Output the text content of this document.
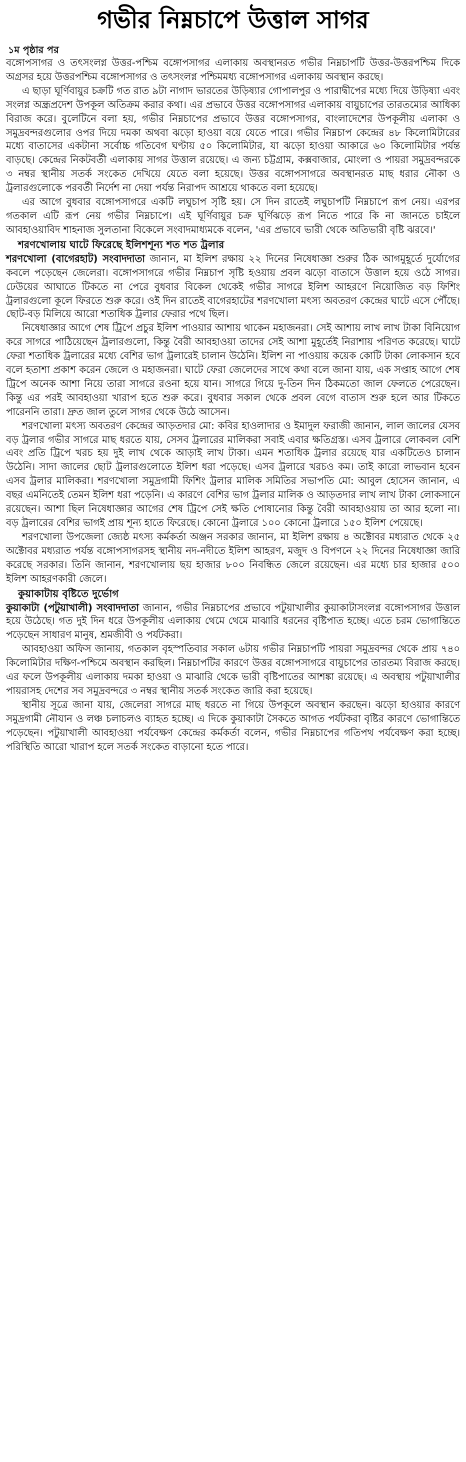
গভীর নিম্নচাপে উত্তাল সাগর
১ম পৃষ্ঠার পর

বঙ্গোপসাগর ও তৎসংলগ্ন উত্তর-পশ্চিম বঙ্গোপসাগর এলাকায় অবস্থানরত গভীর নিম্নচাপটি উত্তর-উত্তরপশ্চিম দিকে অগ্রসর হয়ে উত্তরপশ্চিম বঙ্গোপসাগর ও তৎসংলগ্ন পশ্চিমমধ্য বঙ্গোপসাগর এলাকায় অবস্থান করছে।

এ ছাড়া ঘূর্ণিবায়ুর চক্রটি গত রাত ৯টা নাগাদ ভারতের উড়িষ্যার গোপালপুর ও পারাদ্বীপের মধ্যে দিয়ে উড়িষ্যা এবং সংলগ্ন অন্ধ্রপ্রদেশ উপকূল অতিক্রম করার কথা। এর প্রভাবে উত্তর বঙ্গোপসাগর এলাকায় বায়ুচাপের তারতম্যের আধিক্য বিরাজ করে। বুলেটিনে বলা হয়, গভীর নিম্নচাপের প্রভাবে উত্তর বঙ্গোপসাগর, বাংলাদেশের উপকূলীয় এলাকা ও সমুদ্রবন্দরগুলোর ওপর দিয়ে দমকা অথবা ঝড়ো হাওয়া বয়ে যেতে পারে। গভীর নিম্নচাপ কেন্দ্রের ৪৮ কিলোমিটারের মধ্যে বাতাসের একটানা সর্বোচ্চ গতিবেগ ঘণ্টায় ৫০ কিলোমিটার, যা ঝড়ো হাওয়া আকারে ৬০ কিলোমিটার পর্যন্ত বাড়ছে। কেন্দ্রের নিকটবর্তী এলাকায় সাগর উত্তাল রয়েছে। এ জন্য চট্টগ্রাম, কক্সবাজার, মোংলা ও পায়রা সমুদ্রবন্দরকে ৩ নম্বর স্থানীয় সতর্ক সংকেত দেখিয়ে যেতে বলা হয়েছে। উত্তর বঙ্গোপসাগরে অবস্থানরত মাছ ধরার নৌকা ও ট্রলারগুলোকে পরবর্তী নির্দেশ না দেয়া পর্যন্ত নিরাপদ আশ্রয়ে থাকতে বলা হয়েছে।

এর আগে বুধবার বঙ্গোপসাগরে একটি লঘুচাপ সৃষ্টি হয়। সে দিন রাতেই লঘুচাপটি নিম্নচাপে রূপ নেয়। এরপর গতকাল এটি রূপ নেয় গভীর নিম্নচাপে। এই ঘূর্ণিবায়ুর চক্র ঘূর্ণিঝড়ে রূপ নিতে পারে কি না জানতে চাইলে আবহাওয়াবিদ শাহনাজ সুলতানা বিকেলে সংবাদমাধ্যমকে বলেন, 'এর প্রভাবে ভারী থেকে অতিভারী বৃষ্টি ঝরবে।'

শরণখোলায় ঘাটে ফিরেছে ইলিশশূন্য শত শত ট্রলার

শরণখোলা (বাগেরহাট) সংবাদদাতা জানান, মা ইলিশ রক্ষায় ২২ দিনের নিষেধাজ্ঞা শুরুর ঠিক আগমুহূর্তে দুর্যোগের কবলে পড়েছেন জেলেরা। বঙ্গোপসাগরে গভীর নিম্নচাপ সৃষ্টি হওয়ায় প্রবল ঝড়ো বাতাসে উত্তাল হয়ে ওঠে সাগর। ঢেউয়ের আঘাতে টিকতে না পেরে বুধবার বিকেল থেকেই গভীর সাগরে ইলিশ আহরণে নিয়োজিত বড় ফিশিং ট্রলারগুলো কূলে ফিরতে শুরু করে। ওই দিন রাতেই বাগেরহাটের শরণখোলা মৎস্য অবতরণ কেন্দ্রের ঘাটে এসে পৌঁছে। ছোট-বড় মিলিয়ে আরো শতাধিক ট্রলার ফেরার পথে ছিল।

নিষেধাজ্ঞার আগে শেষ ট্রিপে প্রচুর ইলিশ পাওয়ার আশায় থাকেন মহাজনরা। সেই আশায় লাখ লাখ টাকা বিনিয়োগ করে সাগরে পাঠিয়েছেন ট্রলারগুলো, কিন্তু বৈরী আবহাওয়া তাদের সেই আশা মুহূর্তেই নিরাশায় পরিণত করেছে। ঘাটে ফেরা শতাধিক ট্রলারের মধ্যে বেশির ভাগ ট্রলারেই চালান উঠেনি। ইলিশ না পাওয়ায় কয়েক কোটি টাকা লোকসান হবে বলে হতাশা প্রকাশ করেন জেলে ও মহাজনরা। ঘাটে ফেরা জেলেদের সাথে কথা বলে জানা যায়, এক সপ্তাহ আগে শেষ ট্রিপে অনেক আশা নিয়ে তারা সাগরে রওনা হয়ে যান। সাগরে গিয়ে দু-তিন দিন ঠিকমতো জাল ফেলতে পেরেছেন। কিন্তু এর পরই আবহাওয়া খারাপ হতে শুরু করে। বুধবার সকাল থেকে প্রবল বেগে বাতাস শুরু হলে আর টিকতে পারেননি তারা। দ্রুত জাল তুলে সাগর থেকে উঠে আসেন।

শরণখোলা মৎস্য অবতরণ কেন্দ্রের আড়তদার মো: কবির হাওলাদার ও ইমাদুল ফরাজী জানান, লাল জালের যেসব বড় ট্রলার গভীর সাগরে মাছ ধরতে যায়, সেসব ট্রলারের মালিকরা সবাই এবার ক্ষতিগ্রস্ত। এসব ট্রলারে লোকবল বেশি এবং প্রতি ট্রিপে খরচ হয় দুই লাখ থেকে আড়াই লাখ টাকা। এমন শতাধিক ট্রলার রয়েছে যার একটিতেও চালান উঠেনি। সাদা জালের ছোট ট্রলারগুলোতে ইলিশ ধরা পড়েছে। এসব ট্রলারে খরচও কম। তাই কারো লাভবান হবেন এসব ট্রলার মালিকরা। শরণখোলা সমুদ্রগামী ফিশিং ট্রলার মালিক সমিতির সভাপতি মো: আবুল হোসেন জানান, এ বছর এমনিতেই তেমন ইলিশ ধরা পড়েনি। এ কারণে বেশির ভাগ ট্রলার মালিক ও আড়তদার লাখ লাখ টাকা লোকসানে রয়েছেন। আশা ছিল নিষেধাজ্ঞার আগের শেষ ট্রিপে সেই ক্ষতি পোষানোর কিন্তু বৈরী আবহাওয়ায় তা আর হলো না। বড় ট্রলারের বেশির ভাগই প্রায় শূন্য হাতে ফিরেছে। কোনো ট্রলারে ১০০ কোনো ট্রলারে ১৫০ ইলিশ পেয়েছে।

শরণখোলা উপজেলা জ্যেষ্ঠ মৎস্য কর্মকর্তা অঞ্জন সরকার জানান, মা ইলিশ রক্ষায় ৪ অক্টোবর মধ্যরাত থেকে ২৫ অক্টোবর মধ্যরাত পর্যন্ত বঙ্গোপসাগরসহ স্থানীয় নদ-নদীতে ইলিশ আহরণ, মজুদ ও বিপণনে ২২ দিনের নিষেধাজ্ঞা জারি করেছে সরকার। তিনি জানান, শরণখোলায় ছয় হাজার ৮০০ নিবন্ধিত জেলে রয়েছেন। এর মধ্যে চার হাজার ৫০০ ইলিশ আহরণকারী জেলে।

কুয়াকাটায় বৃষ্টিতে দুর্ভোগ

কুয়াকাটা (পটুয়াখালী) সংবাদদাতা জানান, গভীর নিম্নচাপের প্রভাবে পটুয়াখালীর কুয়াকাটাসংলগ্ন বঙ্গোপসাগর উত্তাল হয়ে উঠেছে। গত দুই দিন ধরে উপকূলীয় এলাকায় থেমে থেমে মাঝারি ধরনের বৃষ্টিপাত হচ্ছে। এতে চরম ভোগান্তিতে পড়েছেন সাধারণ মানুষ, শ্রমজীবী ও পর্যটকরা।

আবহাওয়া অফিস জানায়, গতকাল বৃহস্পতিবার সকাল ৬টায় গভীর নিম্নচাপটি পায়রা সমুদ্রবন্দর থেকে প্রায় ৭৪০ কিলোমিটার দক্ষিণ-পশ্চিমে অবস্থান করছিল। নিম্নচাপটির কারণে উত্তর বঙ্গোপসাগরে বায়ুচাপের তারতম্য বিরাজ করছে। এর ফলে উপকূলীয় এলাকায় দমকা হাওয়া ও মাঝারি থেকে ভারী বৃষ্টিপাতের আশঙ্কা রয়েছে। এ অবস্থায় পটুয়াখালীর পায়রাসহ দেশের সব সমুদ্রবন্দরে ৩ নম্বর স্থানীয় সতর্ক সংকেত জারি করা হয়েছে।

স্থানীয় সূত্রে জানা যায়, জেলেরা সাগরে মাছ ধরতে না গিয়ে উপকূলে অবস্থান করছেন। ঝড়ো হাওয়ার কারণে সমুদ্রগামী নৌযান ও লঞ্চ চলাচলও ব্যাহত হচ্ছে। এ দিকে কুয়াকাটা সৈকতে আগত পর্যটকরা বৃষ্টির কারণে ভোগান্তিতে পড়েছেন। পটুয়াখালী আবহাওয়া পর্যবেক্ষণ কেন্দ্রের কর্মকর্তা বলেন, গভীর নিম্নচাপের গতিপথ পর্যবেক্ষণ করা হচ্ছে। পরিস্থিতি আরো খারাপ হলে সতর্ক সংকেত বাড়ানো হতে পারে।
